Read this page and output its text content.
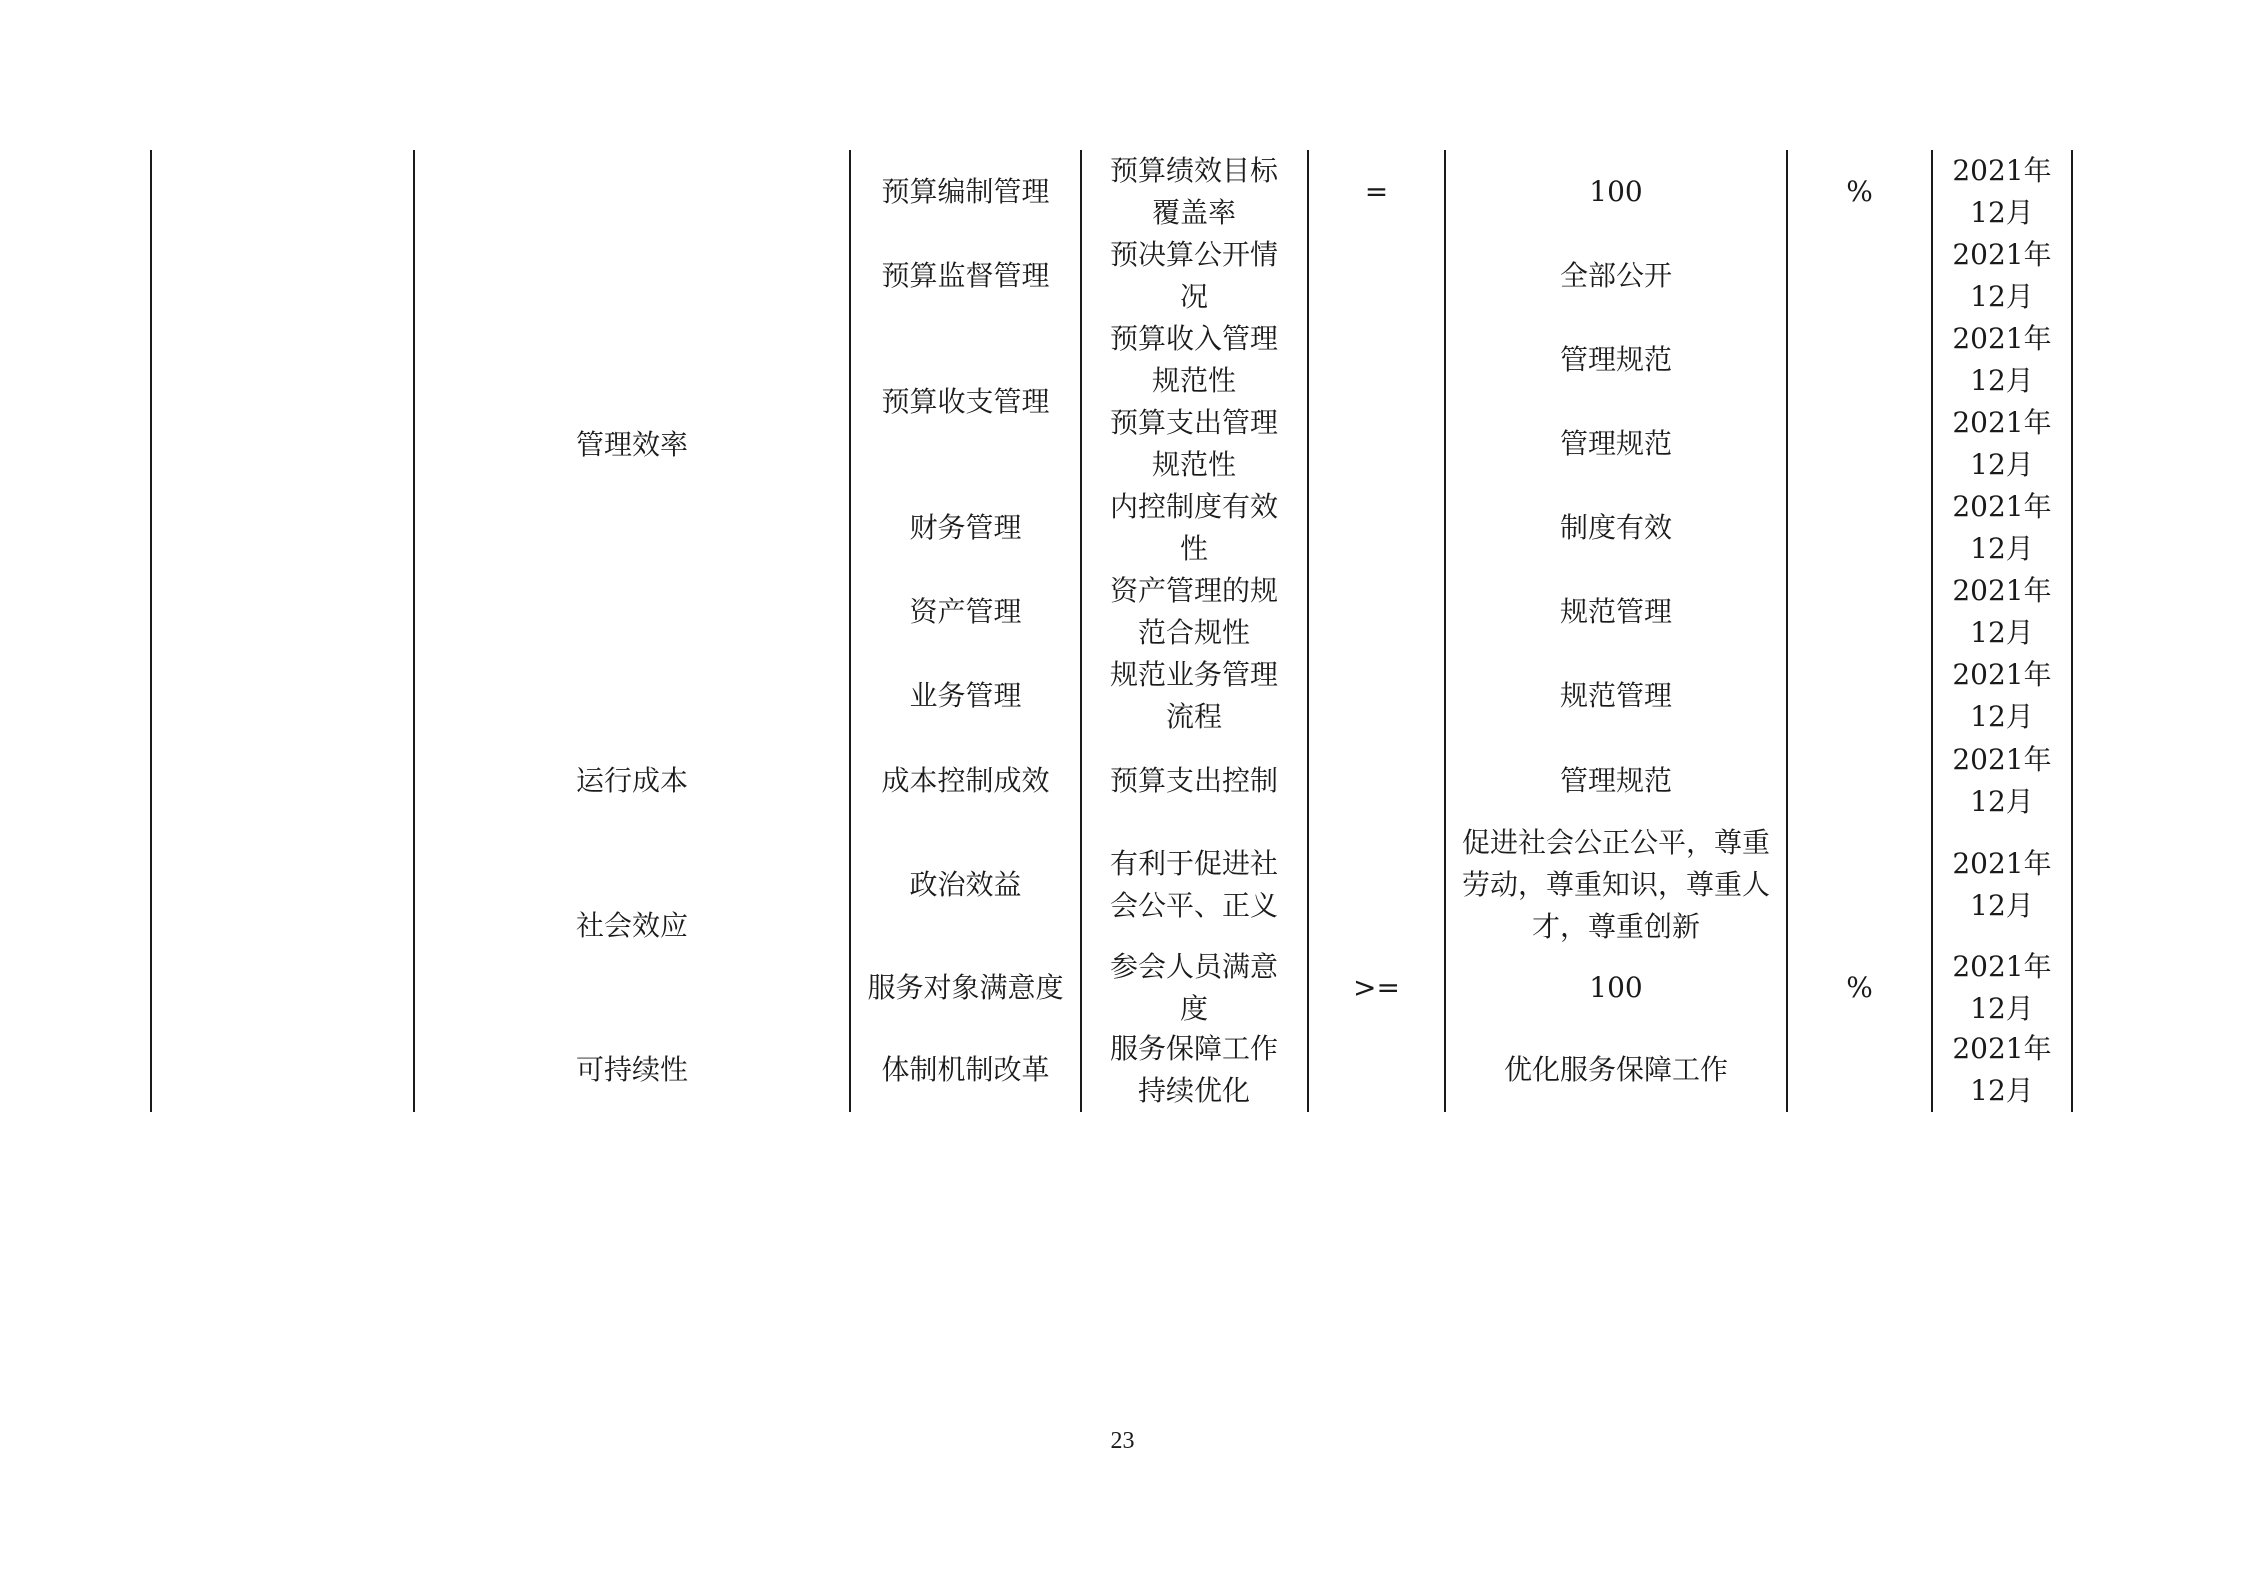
管理效率
运行成本
社会效应
可持续性
预算编制管理
预算监督管理
预算收支管理
财务管理
资产管理
业务管理
成本控制成效
政治效益
服务对象满意度
体制机制改革
预算绩效目标覆盖率
预决算公开情况
预算收入管理规范性
预算支出管理规范性
内控制度有效性
资产管理的规范合规性
规范业务管理流程
预算支出控制
有利于促进社会公平、正义
参会人员满意度
服务保障工作持续优化
=
>=
100
全部公开
管理规范
管理规范
制度有效
规范管理
规范管理
管理规范
促进社会公正公平，尊重劳动，尊重知识，尊重人才，尊重创新
100
优化服务保障工作
%
%
2021年12月
2021年12月
2021年12月
2021年12月
2021年12月
2021年12月
2021年12月
2021年12月
2021年12月
2021年12月
2021年12月
23
